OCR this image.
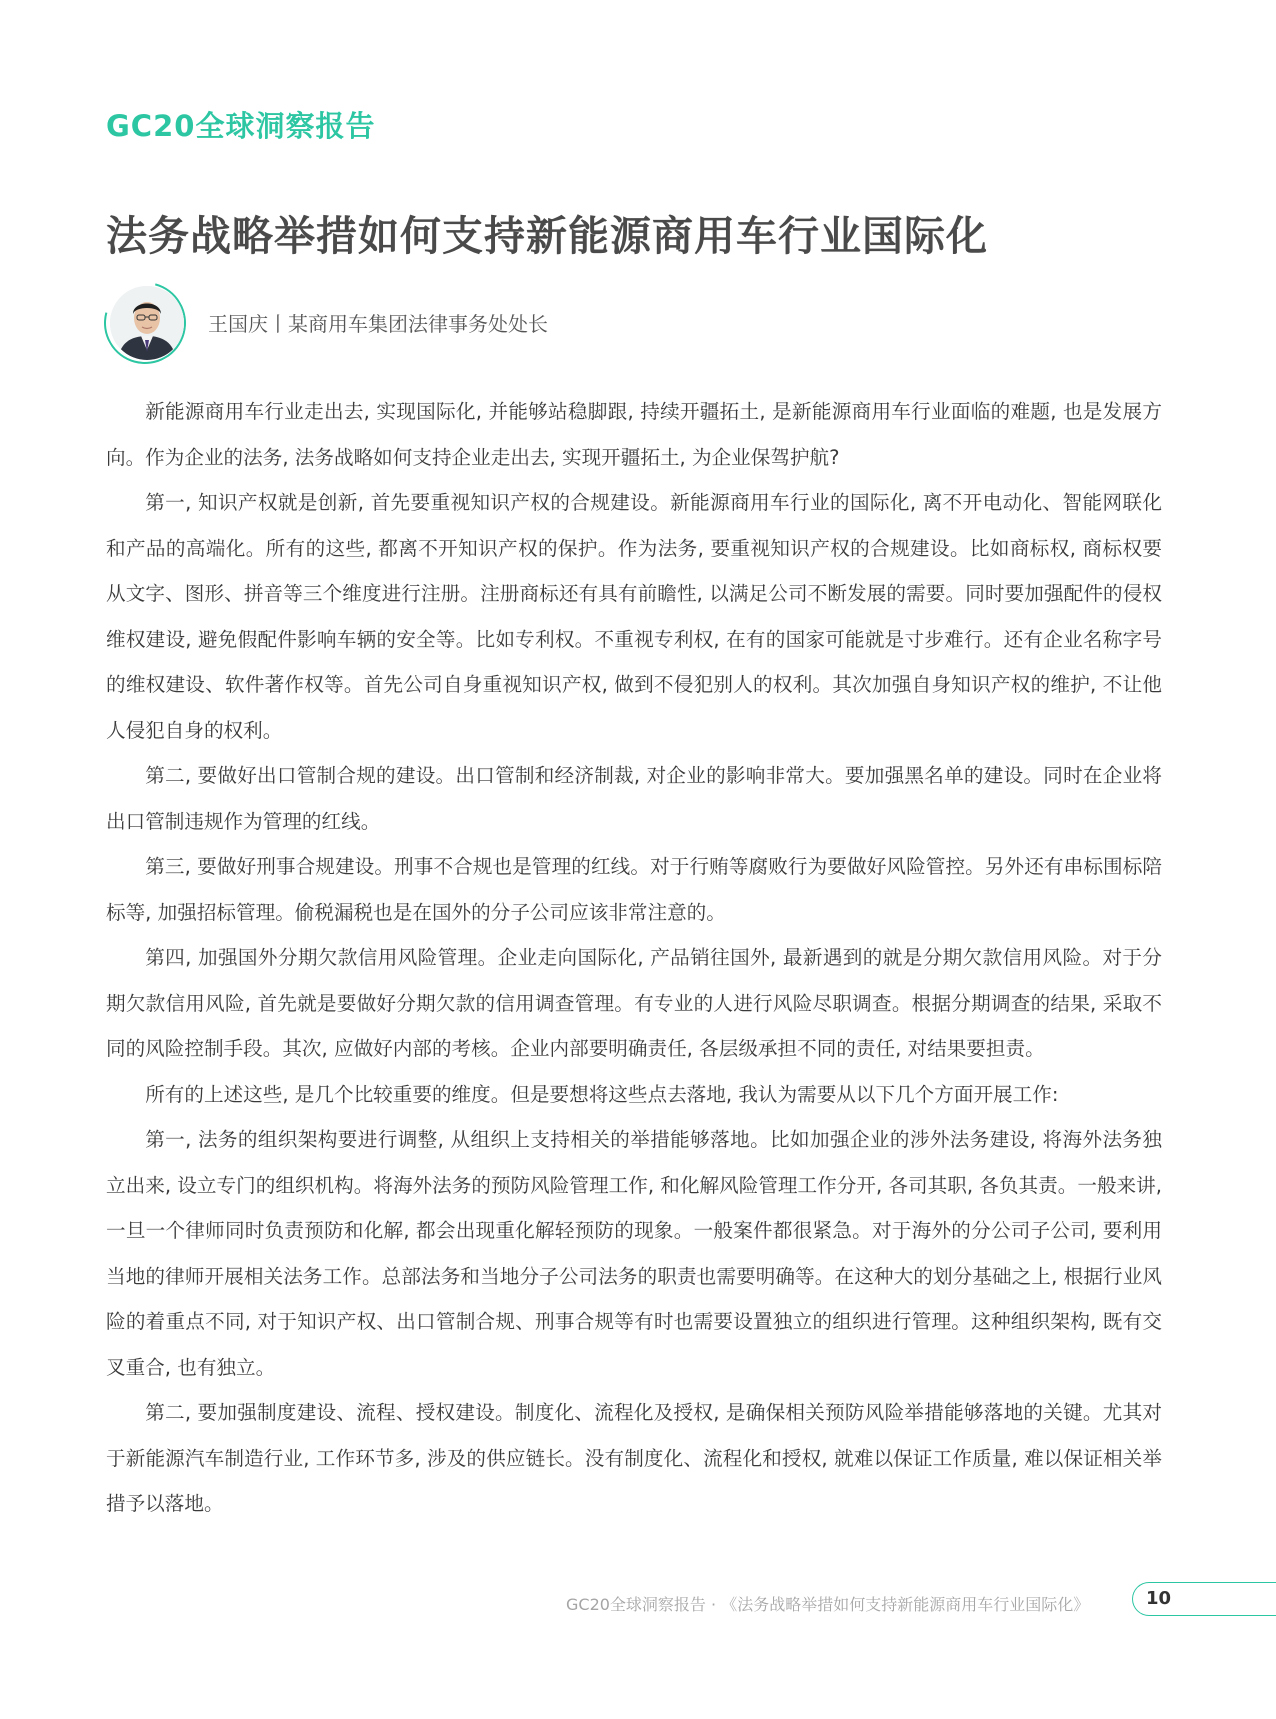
GC20全球洞察报告
法务战略举措如何支持新能源商用车行业国际化
王国庆丨某商用车集团法律事务处处长

新能源商用车行业走出去, 实现国际化, 并能够站稳脚跟, 持续开疆拓土, 是新能源商用车行业面临的难题, 也是发展方向。作为企业的法务, 法务战略如何支持企业走出去, 实现开疆拓土, 为企业保驾护航?

第一, 知识产权就是创新, 首先要重视知识产权的合规建设。新能源商用车行业的国际化, 离不开电动化、智能网联化和产品的高端化。所有的这些, 都离不开知识产权的保护。作为法务, 要重视知识产权的合规建设。比如商标权, 商标权要从文字、图形、拼音等三个维度进行注册。注册商标还有具有前瞻性, 以满足公司不断发展的需要。同时要加强配件的侵权维权建设, 避免假配件影响车辆的安全等。比如专利权。不重视专利权, 在有的国家可能就是寸步难行。还有企业名称字号的维权建设、软件著作权等。首先公司自身重视知识产权, 做到不侵犯别人的权利。其次加强自身知识产权的维护, 不让他人侵犯自身的权利。

第二, 要做好出口管制合规的建设。出口管制和经济制裁, 对企业的影响非常大。要加强黑名单的建设。同时在企业将出口管制违规作为管理的红线。

第三, 要做好刑事合规建设。刑事不合规也是管理的红线。对于行贿等腐败行为要做好风险管控。另外还有串标围标陪标等, 加强招标管理。偷税漏税也是在国外的分子公司应该非常注意的。

第四, 加强国外分期欠款信用风险管理。企业走向国际化, 产品销往国外, 最新遇到的就是分期欠款信用风险。对于分期欠款信用风险, 首先就是要做好分期欠款的信用调查管理。有专业的人进行风险尽职调查。根据分期调查的结果, 采取不同的风险控制手段。其次, 应做好内部的考核。企业内部要明确责任, 各层级承担不同的责任, 对结果要担责。

所有的上述这些, 是几个比较重要的维度。但是要想将这些点去落地, 我认为需要从以下几个方面开展工作:

第一, 法务的组织架构要进行调整, 从组织上支持相关的举措能够落地。比如加强企业的涉外法务建设, 将海外法务独立出来, 设立专门的组织机构。将海外法务的预防风险管理工作, 和化解风险管理工作分开, 各司其职, 各负其责。一般来讲, 一旦一个律师同时负责预防和化解, 都会出现重化解轻预防的现象。一般案件都很紧急。对于海外的分公司子公司, 要利用当地的律师开展相关法务工作。总部法务和当地分子公司法务的职责也需要明确等。在这种大的划分基础之上, 根据行业风险的着重点不同, 对于知识产权、出口管制合规、刑事合规等有时也需要设置独立的组织进行管理。这种组织架构, 既有交叉重合, 也有独立。

第二, 要加强制度建设、流程、授权建设。制度化、流程化及授权, 是确保相关预防风险举措能够落地的关键。尤其对于新能源汽车制造行业, 工作环节多, 涉及的供应链长。没有制度化、流程化和授权, 就难以保证工作质量, 难以保证相关举措予以落地。

GC20全球洞察报告 · 《法务战略举措如何支持新能源商用车行业国际化》	10
